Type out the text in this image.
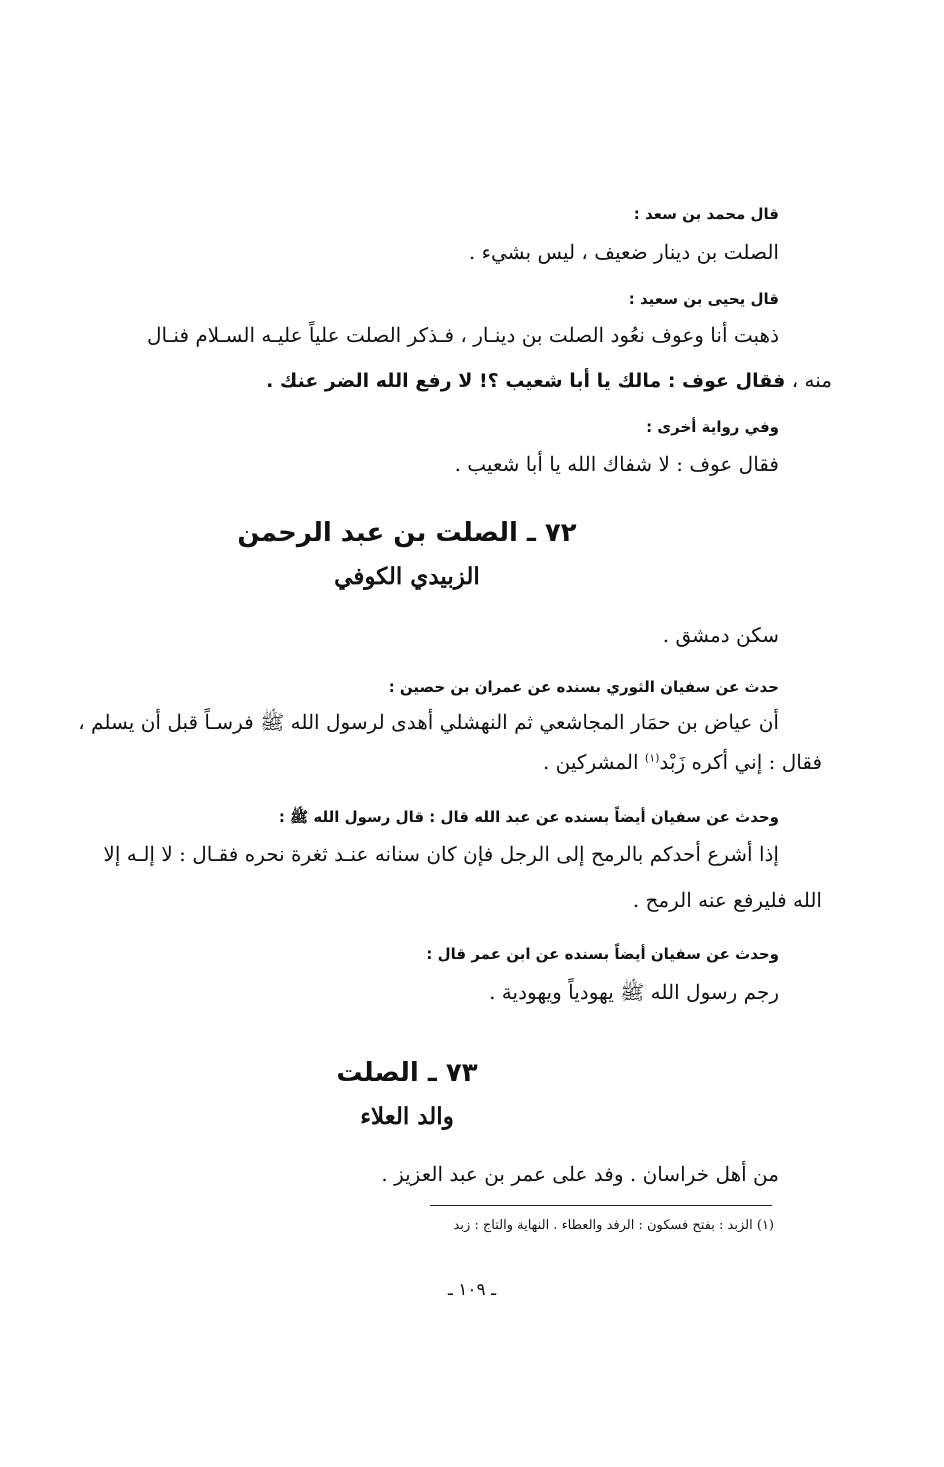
قال محمد بن سعد :

الصلت بن دينار ضعيف ، ليس بشيء .

قال يحيى بن سعيد :

ذهبت أنا وعوف نعُود الصلت بن دينـار ، فـذكر الصلت علياً عليـه السـلام فنـال

منه ، فقال عوف : مالك يا أبا شعيب ؟! لا رفع الله الضر عنك .

وفي رواية أخرى :

فقال عوف : لا شفاك الله يا أبا شعيب .

٧٢ ـ الصلت بن عبد الرحمن
الزبيدي الكوفي

سكن دمشق .

حدث عن سفيان الثوري بسنده عن عمران بن حصين :

أن عياض بن حمَار المجاشعي ثم النهشلي أهدى لرسول الله ﷺ فرسـاً قبل أن يسلم ،

فقال : إني أكره زَبْد$^{(١)}$ المشركين .

وحدث عن سفيان أيضاً بسنده عن عبد الله قال : قال رسول الله ﷺ :

إذا أشرع أحدكم بالرمح إلى الرجل فإن كان سنانه عنـد ثغرة نحره فقـال : لا إلـه إلا

الله فليرفع عنه الرمح .

وحدث عن سفيان أيضاً بسنده عن ابن عمر قال :

رجم رسول الله ﷺ يهودياً ويهودية .

٧٣ ـ الصلت
والد العلاء

من أهل خراسان . وفد على عمر بن عبد العزيز .

(١) الزبد : بفتح فسكون : الرفد والعطاء . النهاية والتاج : زبد

ـ ١٠٩ ـ
